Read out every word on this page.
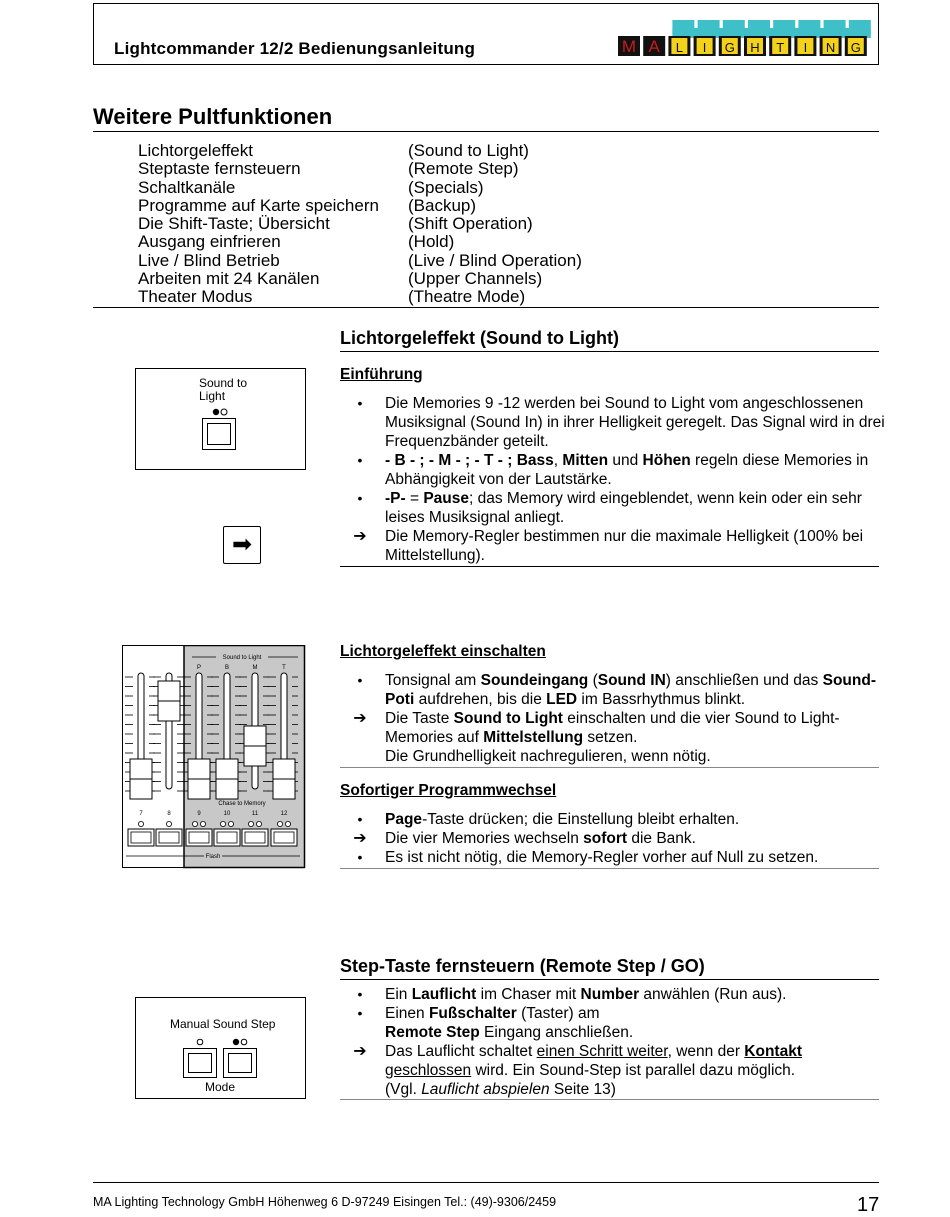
Lightcommander 12/2 Bedienungsanleitung	M A L I G H T I N G
Weitere Pultfunktionen
Lichtorgeleffekt	(Sound to Light)
Steptaste fernsteuern	(Remote Step)
Schaltkanäle	(Specials)
Programme auf Karte speichern	(Backup)
Die Shift-Taste; Übersicht	(Shift Operation)
Ausgang einfrieren	(Hold)
Live / Blind Betrieb	(Live / Blind Operation)
Arbeiten mit 24 Kanälen	(Upper Channels)
Theater Modus	(Theatre Mode)
Lichtorgeleffekt (Sound to Light)
Einführung
Sound to
Light
➡
•	Die Memories 9 -12 werden bei Sound to Light vom angeschlossenen Musiksignal (Sound In) in ihrer Helligkeit geregelt. Das Signal wird in drei Frequenzbänder geteilt.
•	- B - ; - M - ; - T - ; Bass, Mitten und Höhen regeln diese Memories in Abhängigkeit von der Lautstärke.
•	-P- = Pause; das Memory wird eingeblendet, wenn kein oder ein sehr leises Musiksignal anliegt.
➔ Die Memory-Regler bestimmen nur die maximale Helligkeit (100% bei Mittelstellung).
Lichtorgeleffekt einschalten
Sound to Light
P	B	M	T
Chase to Memory
7	8	9	10	11	12
Flash
•	Tonsignal am Soundeingang (Sound IN) anschließen und das Sound-Poti aufdrehen, bis die LED im Bassrhythmus blinkt.
➔ Die Taste Sound to Light einschalten und die vier Sound to Light-Memories auf Mittelstellung setzen.
Die Grundhelligkeit nachregulieren, wenn nötig.
Sofortiger Programmwechsel
•	Page-Taste drücken; die Einstellung bleibt erhalten.
➔ Die vier Memories wechseln sofort die Bank.
•	Es ist nicht nötig, die Memory-Regler vorher auf Null zu setzen.
Step-Taste fernsteuern (Remote Step / GO)
Manual Sound Step
Mode
•	Ein Lauflicht im Chaser mit Number anwählen (Run aus).
•	Einen Fußschalter (Taster) am
Remote Step Eingang anschließen.
➔ Das Lauflicht schaltet einen Schritt weiter, wenn der Kontakt geschlossen wird. Ein Sound-Step ist parallel dazu möglich.
(Vgl. Lauflicht abspielen Seite 13)
MA Lighting Technology GmbH Höhenweg 6 D-97249 Eisingen Tel.: (49)-9306/2459	17
